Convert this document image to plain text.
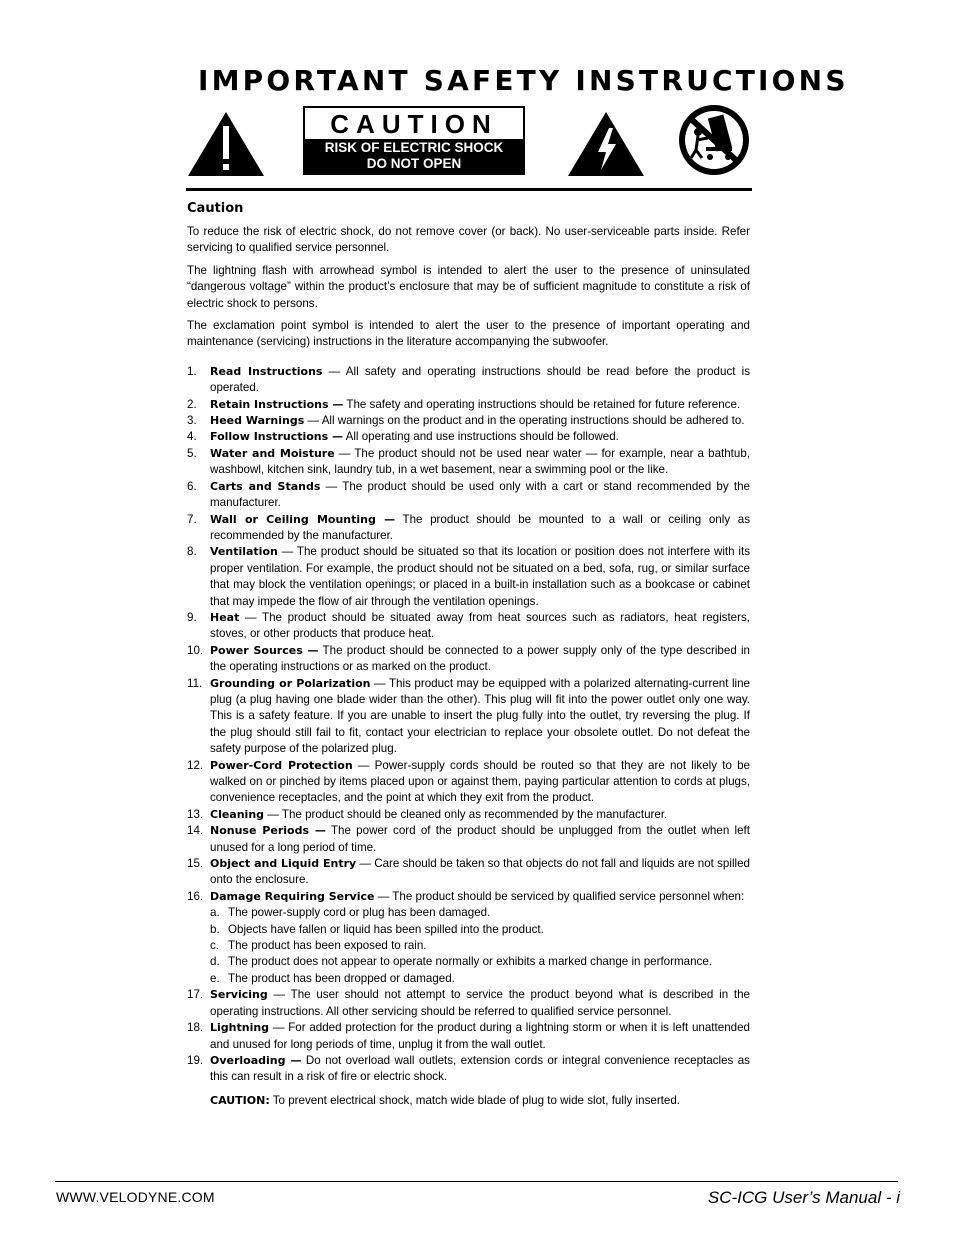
IMPORTANT SAFETY INSTRUCTIONS
CAUTION
RISK OF ELECTRIC SHOCK
DO NOT OPEN
Caution

To reduce the risk of electric shock, do not remove cover (or back). No user-serviceable parts inside. Refer servicing to qualified service personnel.

The lightning flash with arrowhead symbol is intended to alert the user to the presence of uninsulated “dangerous voltage” within the product’s enclosure that may be of sufficient magnitude to constitute a risk of electric shock to persons.

The exclamation point symbol is intended to alert the user to the presence of important operating and maintenance (servicing) instructions in the literature accompanying the subwoofer.

1. Read Instructions — All safety and operating instructions should be read before the product is operated.
2. Retain Instructions — The safety and operating instructions should be retained for future reference.
3. Heed Warnings — All warnings on the product and in the operating instructions should be adhered to.
4. Follow Instructions — All operating and use instructions should be followed.
5. Water and Moisture — The product should not be used near water — for example, near a bathtub, washbowl, kitchen sink, laundry tub, in a wet basement, near a swimming pool or the like.
6. Carts and Stands — The product should be used only with a cart or stand recommended by the manufacturer.
7. Wall or Ceiling Mounting — The product should be mounted to a wall or ceiling only as recommended by the manufacturer.
8. Ventilation — The product should be situated so that its location or position does not interfere with its proper ventilation. For example, the product should not be situated on a bed, sofa, rug, or similar surface that may block the ventilation openings; or placed in a built-in installation such as a bookcase or cabinet that may impede the flow of air through the ventilation openings.
9. Heat — The product should be situated away from heat sources such as radiators, heat registers, stoves, or other products that produce heat.
10. Power Sources — The product should be connected to a power supply only of the type described in the operating instructions or as marked on the product.
11. Grounding or Polarization — This product may be equipped with a polarized alternating-current line plug (a plug having one blade wider than the other). This plug will fit into the power outlet only one way. This is a safety feature. If you are unable to insert the plug fully into the outlet, try reversing the plug. If the plug should still fail to fit, contact your electrician to replace your obsolete outlet. Do not defeat the safety purpose of the polarized plug.
12. Power-Cord Protection — Power-supply cords should be routed so that they are not likely to be walked on or pinched by items placed upon or against them, paying particular attention to cords at plugs, convenience receptacles, and the point at which they exit from the product.
13. Cleaning — The product should be cleaned only as recommended by the manufacturer.
14. Nonuse Periods — The power cord of the product should be unplugged from the outlet when left unused for a long period of time.
15. Object and Liquid Entry — Care should be taken so that objects do not fall and liquids are not spilled onto the enclosure.
16. Damage Requiring Service — The product should be serviced by qualified service personnel when:
a. The power-supply cord or plug has been damaged.
b. Objects have fallen or liquid has been spilled into the product.
c. The product has been exposed to rain.
d. The product does not appear to operate normally or exhibits a marked change in performance.
e. The product has been dropped or damaged.
17. Servicing — The user should not attempt to service the product beyond what is described in the operating instructions. All other servicing should be referred to qualified service personnel.
18. Lightning — For added protection for the product during a lightning storm or when it is left unattended and unused for long periods of time, unplug it from the wall outlet.
19. Overloading — Do not overload wall outlets, extension cords or integral convenience receptacles as this can result in a risk of fire or electric shock.
CAUTION: To prevent electrical shock, match wide blade of plug to wide slot, fully inserted.
WWW.VELODYNE.COM	SC-ICG User’s Manual - i
